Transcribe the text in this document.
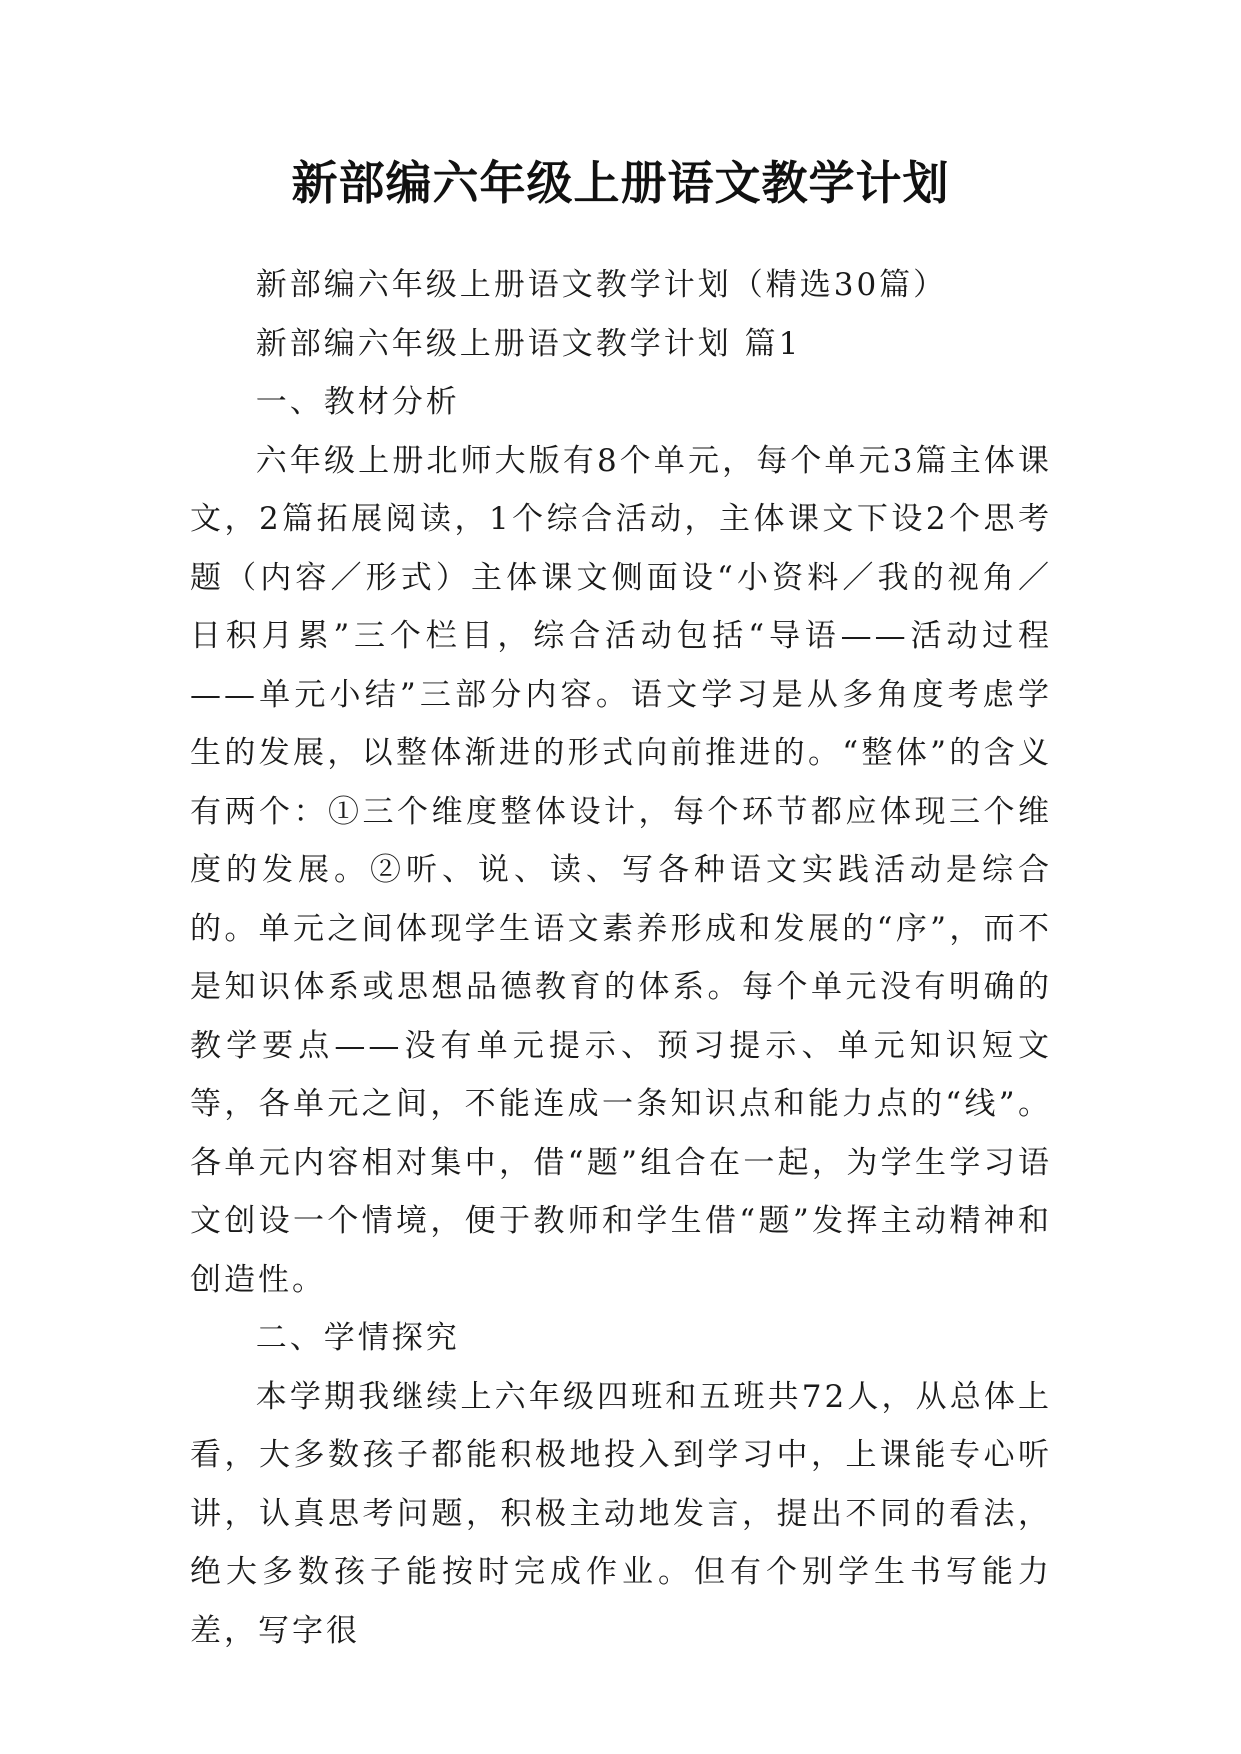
新部编六年级上册语文教学计划

新部编六年级上册语文教学计划（精选30篇）

新部编六年级上册语文教学计划 篇1

一、教材分析

六年级上册北师大版有8个单元，每个单元3篇主体课文，2篇拓展阅读，1个综合活动，主体课文下设2个思考题（内容／形式）主体课文侧面设“小资料／我的视角／日积月累”三个栏目，综合活动包括“导语——活动过程——单元小结”三部分内容。语文学习是从多角度考虑学生的发展，以整体渐进的形式向前推进的。“整体”的含义有两个：①三个维度整体设计，每个环节都应体现三个维度的发展。②听、说、读、写各种语文实践活动是综合的。单元之间体现学生语文素养形成和发展的“序”，而不是知识体系或思想品德教育的体系。每个单元没有明确的教学要点——没有单元提示、预习提示、单元知识短文等，各单元之间，不能连成一条知识点和能力点的“线”。 各单元内容相对集中，借“题”组合在一起，为学生学习语文创设一个情境，便于教师和学生借“题”发挥主动精神和创造性。

二、学情探究

本学期我继续上六年级四班和五班共72人，从总体上看，大多数孩子都能积极地投入到学习中，上课能专心听讲，认真思考问题，积极主动地发言，提出不同的看法，绝大多数孩子能按时完成作业。但有个别学生书写能力差，写字很
